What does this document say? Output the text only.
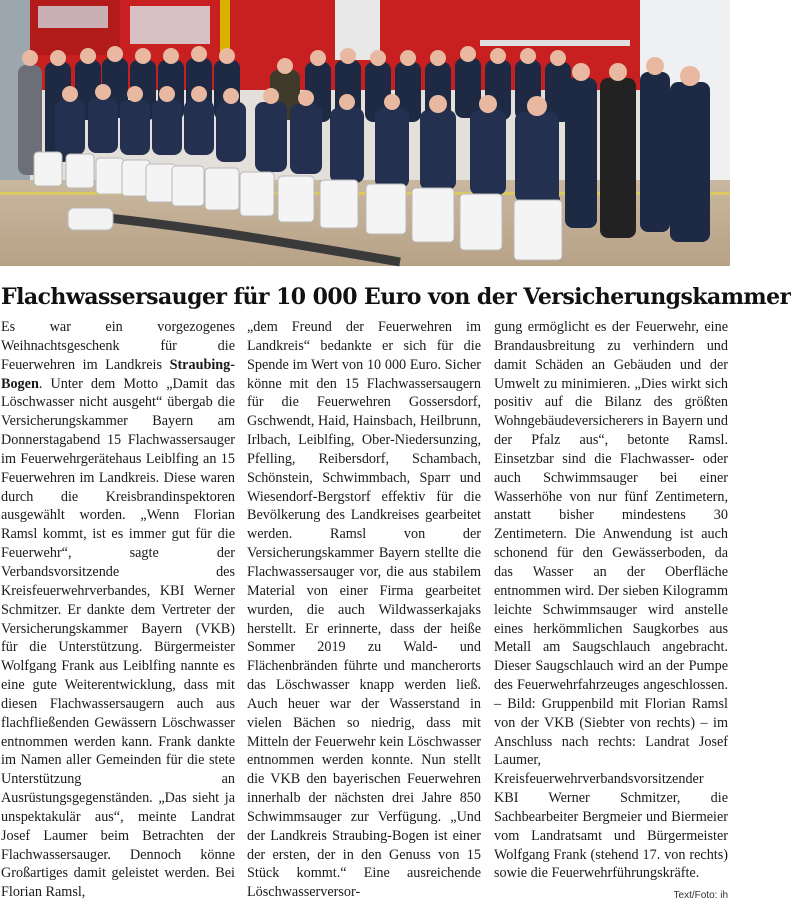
Flachwassersauger für 10 000 Euro von der Versicherungskammer

Es war ein vorgezogenes Weihnachtsgeschenk für die Feuerwehren im Landkreis Straubing-Bogen. Unter dem Motto „Damit das Löschwasser nicht ausgeht“ übergab die Versicherungskammer Bayern am Donnerstagabend 15 Flachwassersauger im Feuerwehrgerätehaus Leiblfing an 15 Feuerwehren im Landkreis. Diese waren durch die Kreisbrandinspektoren ausgewählt worden. „Wenn Florian Ramsl kommt, ist es immer gut für die Feuerwehr“, sagte der Verbandsvorsitzende des Kreisfeuerwehrverbandes, KBI Werner Schmitzer. Er dankte dem Vertreter der Versicherungskammer Bayern (VKB) für die Unterstützung. Bürgermeister Wolfgang Frank aus Leiblfing nannte es eine gute Weiterentwicklung, dass mit diesen Flachwassersaugern auch aus flachfließenden Gewässern Löschwasser entnommen werden kann. Frank dankte im Namen aller Gemeinden für die stete Unterstützung an Ausrüstungsgegenständen. „Das sieht ja unspektakulär aus“, meinte Landrat Josef Laumer beim Betrachten der Flachwassersauger. Dennoch könne Großartiges damit geleistet werden. Bei Florian Ramsl,

„dem Freund der Feuerwehren im Landkreis“ bedankte er sich für die Spende im Wert von 10 000 Euro. Sicher könne mit den 15 Flachwassersaugern für die Feuerwehren Gossersdorf, Gschwendt, Haid, Hainsbach, Heilbrunn, Irlbach, Leiblfing, Ober-Niedersunzing, Pfelling, Reibersdorf, Schambach, Schönstein, Schwimmbach, Sparr und Wiesendorf-Bergstorf effektiv für die Bevölkerung des Landkreises gearbeitet werden. Ramsl von der Versicherungskammer Bayern stellte die Flachwassersauger vor, die aus stabilem Material von einer Firma gearbeitet wurden, die auch Wildwasserkajaks herstellt. Er erinnerte, dass der heiße Sommer 2019 zu Wald- und Flächenbränden führte und mancherorts das Löschwasser knapp werden ließ. Auch heuer war der Wasserstand in vielen Bächen so niedrig, dass mit Mitteln der Feuerwehr kein Löschwasser entnommen werden konnte. Nun stellt die VKB den bayerischen Feuerwehren innerhalb der nächsten drei Jahre 850 Schwimmsauger zur Verfügung. „Und der Landkreis Straubing-Bogen ist einer der ersten, der in den Genuss von 15 Stück kommt.“ Eine ausreichende Löschwasserversor-

gung ermöglicht es der Feuerwehr, eine Brandausbreitung zu verhindern und damit Schäden an Gebäuden und der Umwelt zu minimieren. „Dies wirkt sich positiv auf die Bilanz des größten Wohngebäudeversicherers in Bayern und der Pfalz aus“, betonte Ramsl. Einsetzbar sind die Flachwasser- oder auch Schwimmsauger bei einer Wasserhöhe von nur fünf Zentimetern, anstatt bisher mindestens 30 Zentimetern. Die Anwendung ist auch schonend für den Gewässerboden, da das Wasser an der Oberfläche entnommen wird. Der sieben Kilogramm leichte Schwimmsauger wird anstelle eines herkömmlichen Saugkorbes aus Metall am Saugschlauch angebracht. Dieser Saugschlauch wird an der Pumpe des Feuerwehrfahrzeuges angeschlossen. – Bild: Gruppenbild mit Florian Ramsl von der VKB (Siebter von rechts) – im Anschluss nach rechts: Landrat Josef Laumer, Kreisfeuerwehrverbandsvorsitzender KBI Werner Schmitzer, die Sachbearbeiter Bergmeier und Biermeier vom Landratsamt und Bürgermeister Wolfgang Frank (stehend 17. von rechts) sowie die Feuerwehrführungskräfte.
Text/Foto: ih
